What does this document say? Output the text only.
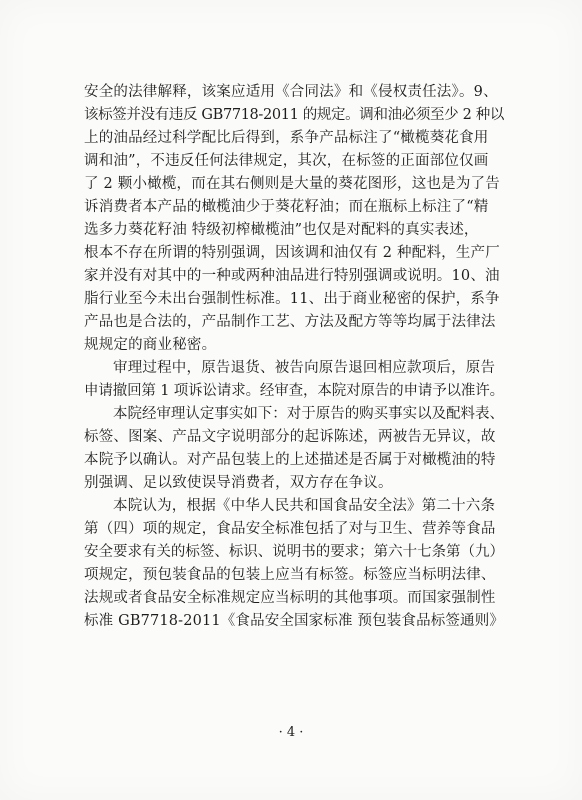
安全的法律解释，该案应适用《合同法》和《侵权责任法》。9、
该标签并没有违反 GB7718-2011 的规定。调和油必须至少 2 种以
上的油品经过科学配比后得到，系争产品标注了“橄榄葵花食用
调和油”，不违反任何法律规定，其次，在标签的正面部位仅画
了 2 颗小橄榄，而在其右侧则是大量的葵花图形，这也是为了告
诉消费者本产品的橄榄油少于葵花籽油；而在瓶标上标注了“精
选多力葵花籽油 特级初榨橄榄油”也仅是对配料的真实表述，
根本不存在所谓的特别强调，因该调和油仅有 2 种配料，生产厂
家并没有对其中的一种或两种油品进行特别强调或说明。10、油
脂行业至今未出台强制性标准。11、出于商业秘密的保护，系争
产品也是合法的，产品制作工艺、方法及配方等等均属于法律法
规规定的商业秘密。
审理过程中，原告退货、被告向原告退回相应款项后，原告
申请撤回第 1 项诉讼请求。经审查，本院对原告的申请予以准许。
本院经审理认定事实如下：对于原告的购买事实以及配料表、
标签、图案、产品文字说明部分的起诉陈述，两被告无异议，故
本院予以确认。对产品包装上的上述描述是否属于对橄榄油的特
别强调、足以致使误导消费者，双方存在争议。
本院认为，根据《中华人民共和国食品安全法》第二十六条
第（四）项的规定，食品安全标准包括了对与卫生、营养等食品
安全要求有关的标签、标识、说明书的要求；第六十七条第（九）
项规定，预包装食品的包装上应当有标签。标签应当标明法律、
法规或者食品安全标准规定应当标明的其他事项。而国家强制性
标准 GB7718-2011《食品安全国家标准 预包装食品标签通则》
· 4 ·
